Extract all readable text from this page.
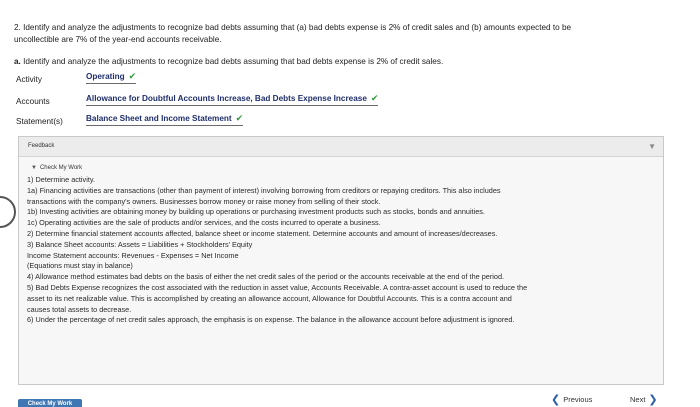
2. Identify and analyze the adjustments to recognize bad debts assuming that (a) bad debts expense is 2% of credit sales and (b) amounts expected to be
uncollectible are 7% of the year-end accounts receivable.
a. Identify and analyze the adjustments to recognize bad debts assuming that bad debts expense is 2% of credit sales.
Activity	Operating ✔
Accounts	Allowance for Doubtful Accounts Increase, Bad Debts Expense Increase ✔
Statement(s)	Balance Sheet and Income Statement ✔
Feedback	▼
▼ Check My Work
1) Determine activity.
1a) Financing activities are transactions (other than payment of interest) involving borrowing from creditors or repaying creditors. This also includes
transactions with the company's owners. Businesses borrow money or raise money from selling of their stock.
1b) Investing activities are obtaining money by building up operations or purchasing investment products such as stocks, bonds and annuities.
1c) Operating activities are the sale of products and/or services, and the costs incurred to operate a business.
2) Determine financial statement accounts affected, balance sheet or income statement. Determine accounts and amount of increases/decreases.
3) Balance Sheet accounts: Assets = Liabilities + Stockholders' Equity
Income Statement accounts: Revenues - Expenses = Net Income
(Equations must stay in balance)
4) Allowance method estimates bad debts on the basis of either the net credit sales of the period or the accounts receivable at the end of the period.
5) Bad Debts Expense recognizes the cost associated with the reduction in asset value, Accounts Receivable. A contra-asset account is used to reduce the
asset to its net realizable value. This is accomplished by creating an allowance account, Allowance for Doubtful Accounts. This is a contra account and
causes total assets to decrease.
6) Under the percentage of net credit sales approach, the emphasis is on expense. The balance in the allowance account before adjustment is ignored.
Check My Work	❮ Previous	Next ❯
